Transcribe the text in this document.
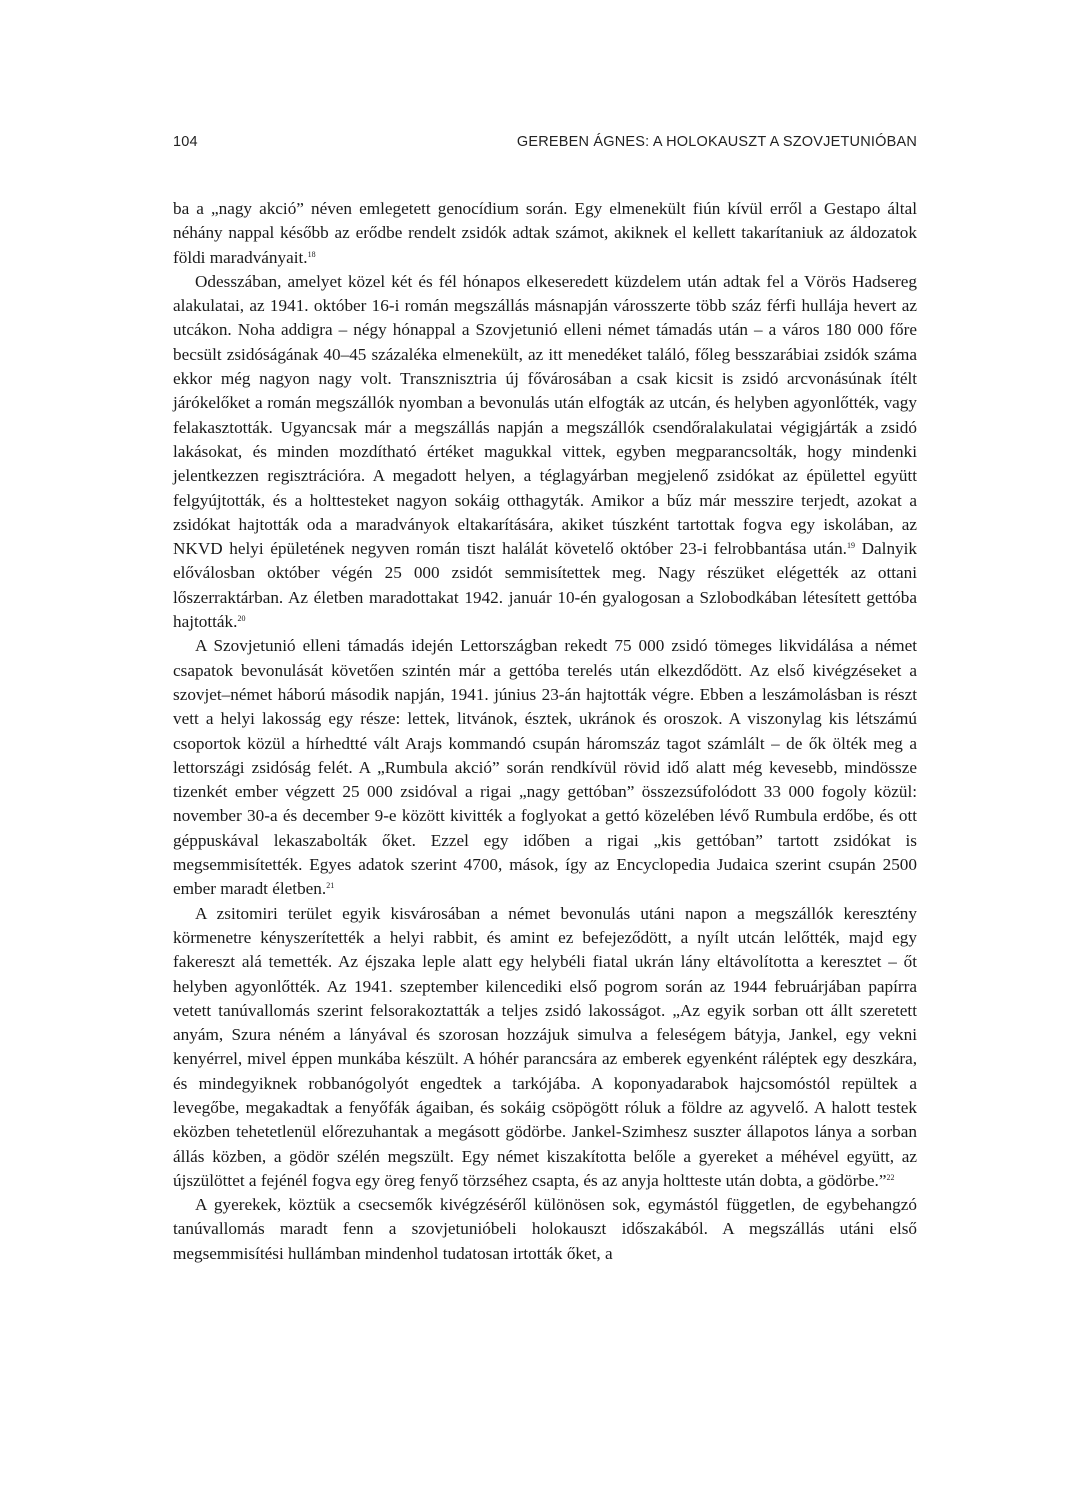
104	GEREBEN ÁGNES: A HOLOKAUSZT A SZOVJETUNIÓBAN

ba a „nagy akció” néven emlegetett genocídium során. Egy elmenekült fiún kívül erről a Gestapo által néhány nappal később az erődbe rendelt zsidók adtak számot, akiknek el kellett takarítaniuk az áldozatok földi maradványait.$^{18}$

Odesszában, amelyet közel két és fél hónapos elkeseredett küzdelem után adtak fel a Vörös Hadsereg alakulatai, az 1941. október 16-i román megszállás másnapján városszerte több száz férfi hullája hevert az utcákon. Noha addigra – négy hónappal a Szovjetunió elleni német támadás után – a város 180 000 főre becsült zsidóságának 40–45 százaléka elmenekült, az itt menedéket találó, főleg besszarábiai zsidók száma ekkor még nagyon nagy volt. Transznisztria új fővárosában a csak kicsit is zsidó arcvonásúnak ítélt járókelőket a román megszállók nyomban a bevonulás után elfogták az utcán, és helyben agyonlőtték, vagy felakasztották. Ugyancsak már a megszállás napján a megszállók csendőralakulatai végigjárták a zsidó lakásokat, és minden mozdítható értéket magukkal vittek, egyben megparancsolták, hogy mindenki jelentkezzen regisztrációra. A megadott helyen, a téglagyárban megjelenő zsidókat az épülettel együtt felgyújtották, és a holttesteket nagyon sokáig otthagyták. Amikor a bűz már messzire terjedt, azokat a zsidókat hajtották oda a maradványok eltakarítására, akiket túszként tartottak fogva egy iskolában, az NKVD helyi épületének negyven román tiszt halálát követelő október 23-i felrobbantása után.$^{19}$ Dalnyik előválosban október végén 25 000 zsidót semmisítettek meg. Nagy részüket elégették az ottani lőszerraktárban. Az életben maradottakat 1942. január 10-én gyalogosan a Szlobodkában létesített gettóba hajtották.$^{20}$

A Szovjetunió elleni támadás idején Lettországban rekedt 75 000 zsidó tömeges likvidálása a német csapatok bevonulását követően szintén már a gettóba terelés után elkezdődött. Az első kivégzéseket a szovjet–német háború második napján, 1941. június 23-án hajtották végre. Ebben a leszámolásban is részt vett a helyi lakosság egy része: lettek, litvánok, észtek, ukránok és oroszok. A viszonylag kis létszámú csoportok közül a hírhedtté vált Arajs kommandó csupán háromszáz tagot számlált – de ők ölték meg a lettországi zsidóság felét. A „Rumbula akció” során rendkívül rövid idő alatt még kevesebb, mindössze tizenkét ember végzett 25 000 zsidóval a rigai „nagy gettóban” összezsúfolódott 33 000 fogoly közül: november 30-a és december 9-e között kivitték a foglyokat a gettó közelében lévő Rumbula erdőbe, és ott géppuskával lekaszabolták őket. Ezzel egy időben a rigai „kis gettóban” tartott zsidókat is megsemmisítették. Egyes adatok szerint 4700, mások, így az Encyclopedia Judaica szerint csupán 2500 ember maradt életben.$^{21}$

A zsitomiri terület egyik kisvárosában a német bevonulás utáni napon a megszállók keresztény körmenetre kényszerítették a helyi rabbit, és amint ez befejeződött, a nyílt utcán lelőtték, majd egy fakereszt alá temették. Az éjszaka leple alatt egy helybéli fiatal ukrán lány eltávolította a keresztet – őt helyben agyonlőtték. Az 1941. szeptember kilencediki első pogrom során az 1944 februárjában papírra vetett tanúvallomás szerint felsorakoztatták a teljes zsidó lakosságot. „Az egyik sorban ott állt szeretett anyám, Szura néném a lányával és szorosan hozzájuk simulva a feleségem bátyja, Jankel, egy vekni kenyérrel, mivel éppen munkába készült. A hóhér parancsára az emberek egyenként ráléptek egy deszkára, és mindegyiknek robbanógolyót engedtek a tarkójába. A koponyadarabok hajcsomóstól repültek a levegőbe, megakadtak a fenyőfák ágaiban, és sokáig csöpögött róluk a földre az agyvelő. A halott testek eközben tehetetlenül előrezuhantak a megásott gödörbe. Jankel-Szimhesz suszter állapotos lánya a sorban állás közben, a gödör szélén megszült. Egy német kiszakította belőle a gyereket a méhével együtt, az újszülöttet a fejénél fogva egy öreg fenyő törzséhez csapta, és az anyja holtteste után dobta, a gödörbe.”$^{22}$

A gyerekek, köztük a csecsemők kivégzéséről különösen sok, egymástól független, de egybehangzó tanúvallomás maradt fenn a szovjetunióbeli holokauszt időszakából. A megszállás utáni első megsemmisítési hullámban mindenhol tudatosan irtották őket, a
